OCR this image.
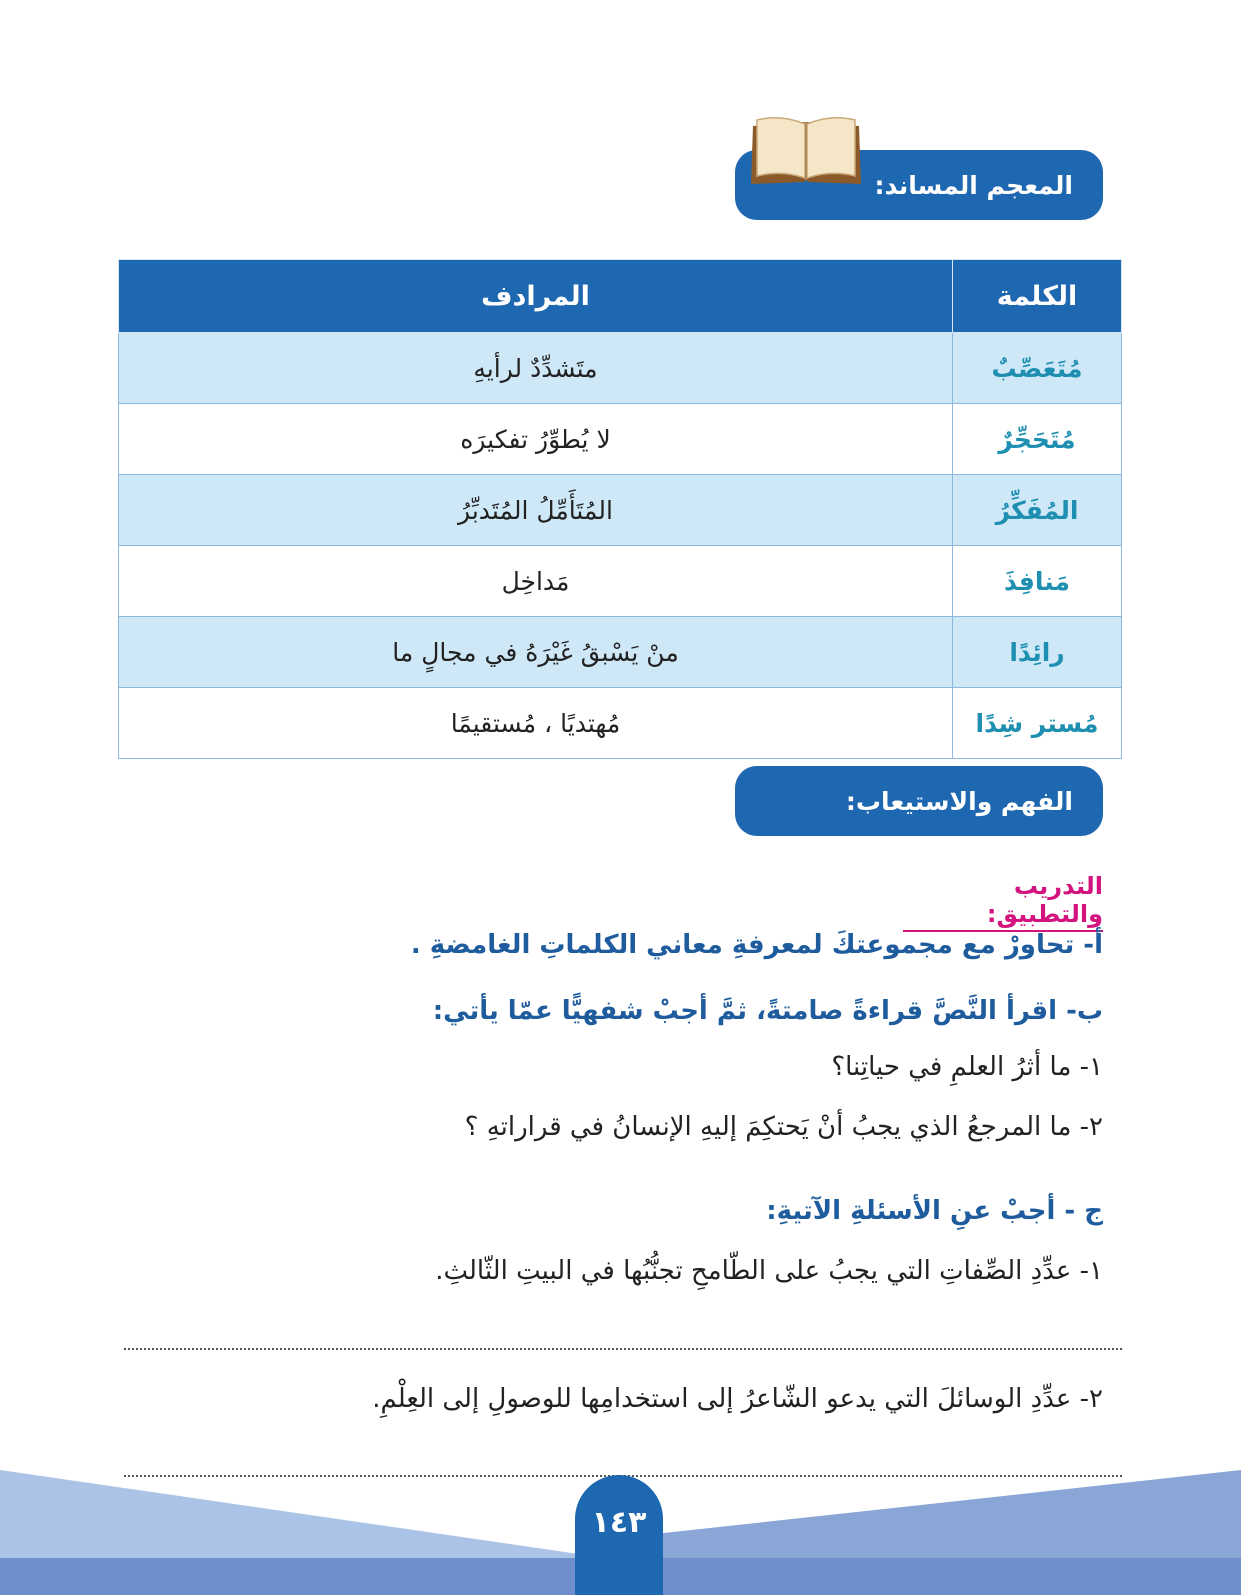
المعجم المساند:
الكلمة	المرادف
مُتَعَصِّبٌ	متَشدِّدٌ لرأيهِ
مُتَحَجِّرٌ	لا يُطوِّرُ تفكيرَه
المُفَكِّرُ	المُتَأَمِّلُ المُتَدبِّرُ
مَنافِذَ	مَداخِل
رائِدًا	منْ يَسْبقُ غَيْرَهُ في مجالٍ ما
مُستر شِدًا	مُهتديًا ، مُستقيمًا
الفهم والاستيعاب:
التدريب والتطبيق:
أ- تحاورْ مع مجموعتكَ لمعرفةِ معاني الكلماتِ الغامضةِ .
ب- اقرأ النَّصَّ قراءةً صامتةً، ثمَّ أجبْ شفهيًّا عمّا يأتي:
١- ما أثرُ العلمِ في حياتِنا؟
٢- ما المرجعُ الذي يجبُ أنْ يَحتكِمَ إليهِ الإنسانُ في قراراتهِ ؟
ج - أجبْ عنِ الأسئلةِ الآتيةِ:
١- عدِّدِ الصِّفاتِ التي يجبُ على الطّامحِ تجنُّبُها في البيتِ الثّالثِ.
٢- عدِّدِ الوسائلَ التي يدعو الشّاعرُ إلى استخدامِها للوصولِ إلى العِلْمِ.
١٤٣
